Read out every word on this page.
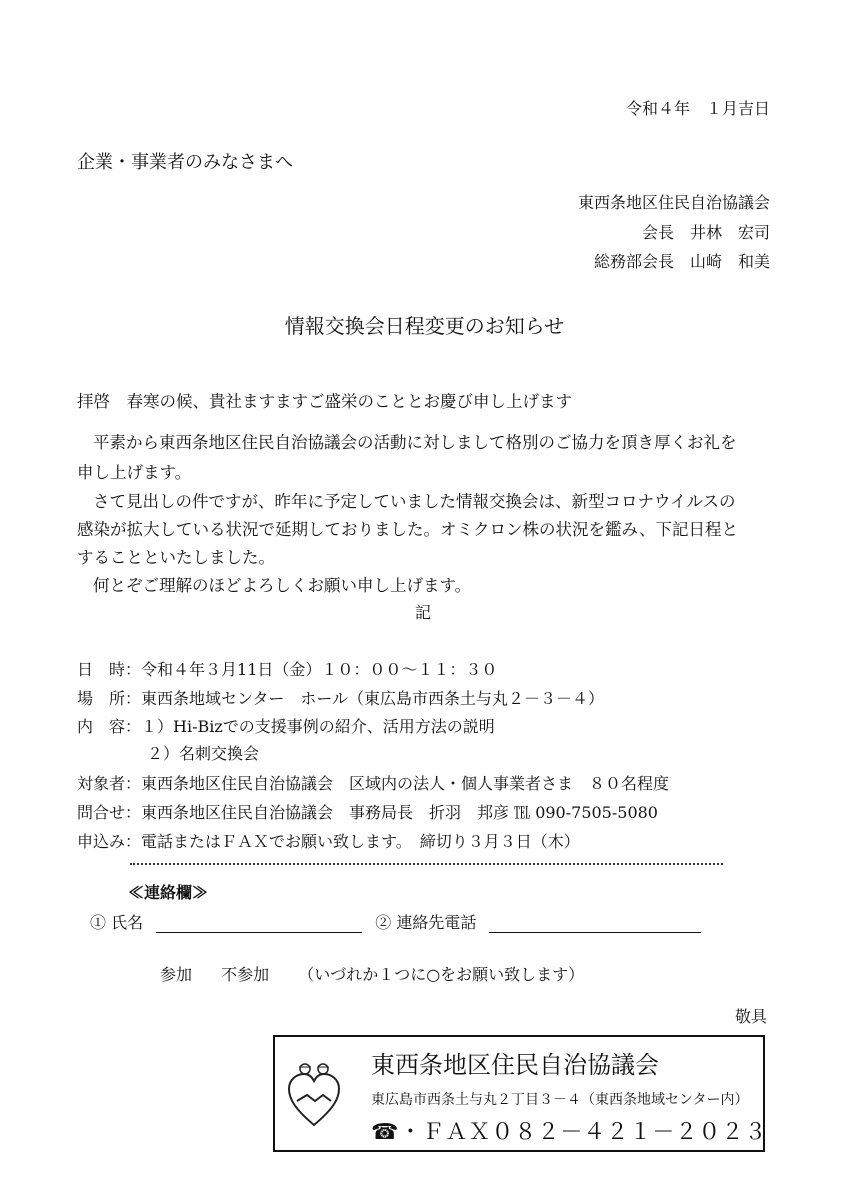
令和４年　１月吉日
企業・事業者のみなさまへ
東西条地区住民自治協議会
会長　井林　宏司
総務部会長　山崎　和美
情報交換会日程変更のお知らせ
拝啓　春寒の候、貴社ますますご盛栄のこととお慶び申し上げます
平素から東西条地区住民自治協議会の活動に対しまして格別のご協力を頂き厚くお礼を
申し上げます。
さて見出しの件ですが、昨年に予定していました情報交換会は、新型コロナウイルスの
感染が拡大している状況で延期しておりました。オミクロン株の状況を鑑み、下記日程と
することといたしました。
何とぞご理解のほどよろしくお願い申し上げます。
記
日　時：令和４年３月11日（金）１０：００～１１：３０
場　所：東西条地域センター　ホール（東広島市西条土与丸２－３－４）
内　容：１）Hi-Bizでの支援事例の紹介、活用方法の説明
２）名刺交換会
対象者：東西条地区住民自治協議会　区域内の法人・個人事業者さま　８０名程度
問合せ：東西条地区住民自治協議会　事務局長　折羽　邦彦 ℡ 090-7505-5080
申込み：電話またはＦＡＸでお願い致します。　締切り３月３日（木）
≪連絡欄≫
① 氏名	② 連絡先電話
参加 不参加 （いづれか１つに○をお願い致します）
敬具
東西条地区住民自治協議会
東広島市西条土与丸２丁目３－４（東西条地域センター内）
☎・ＦＡＸ０８２－４２１－２０２３
